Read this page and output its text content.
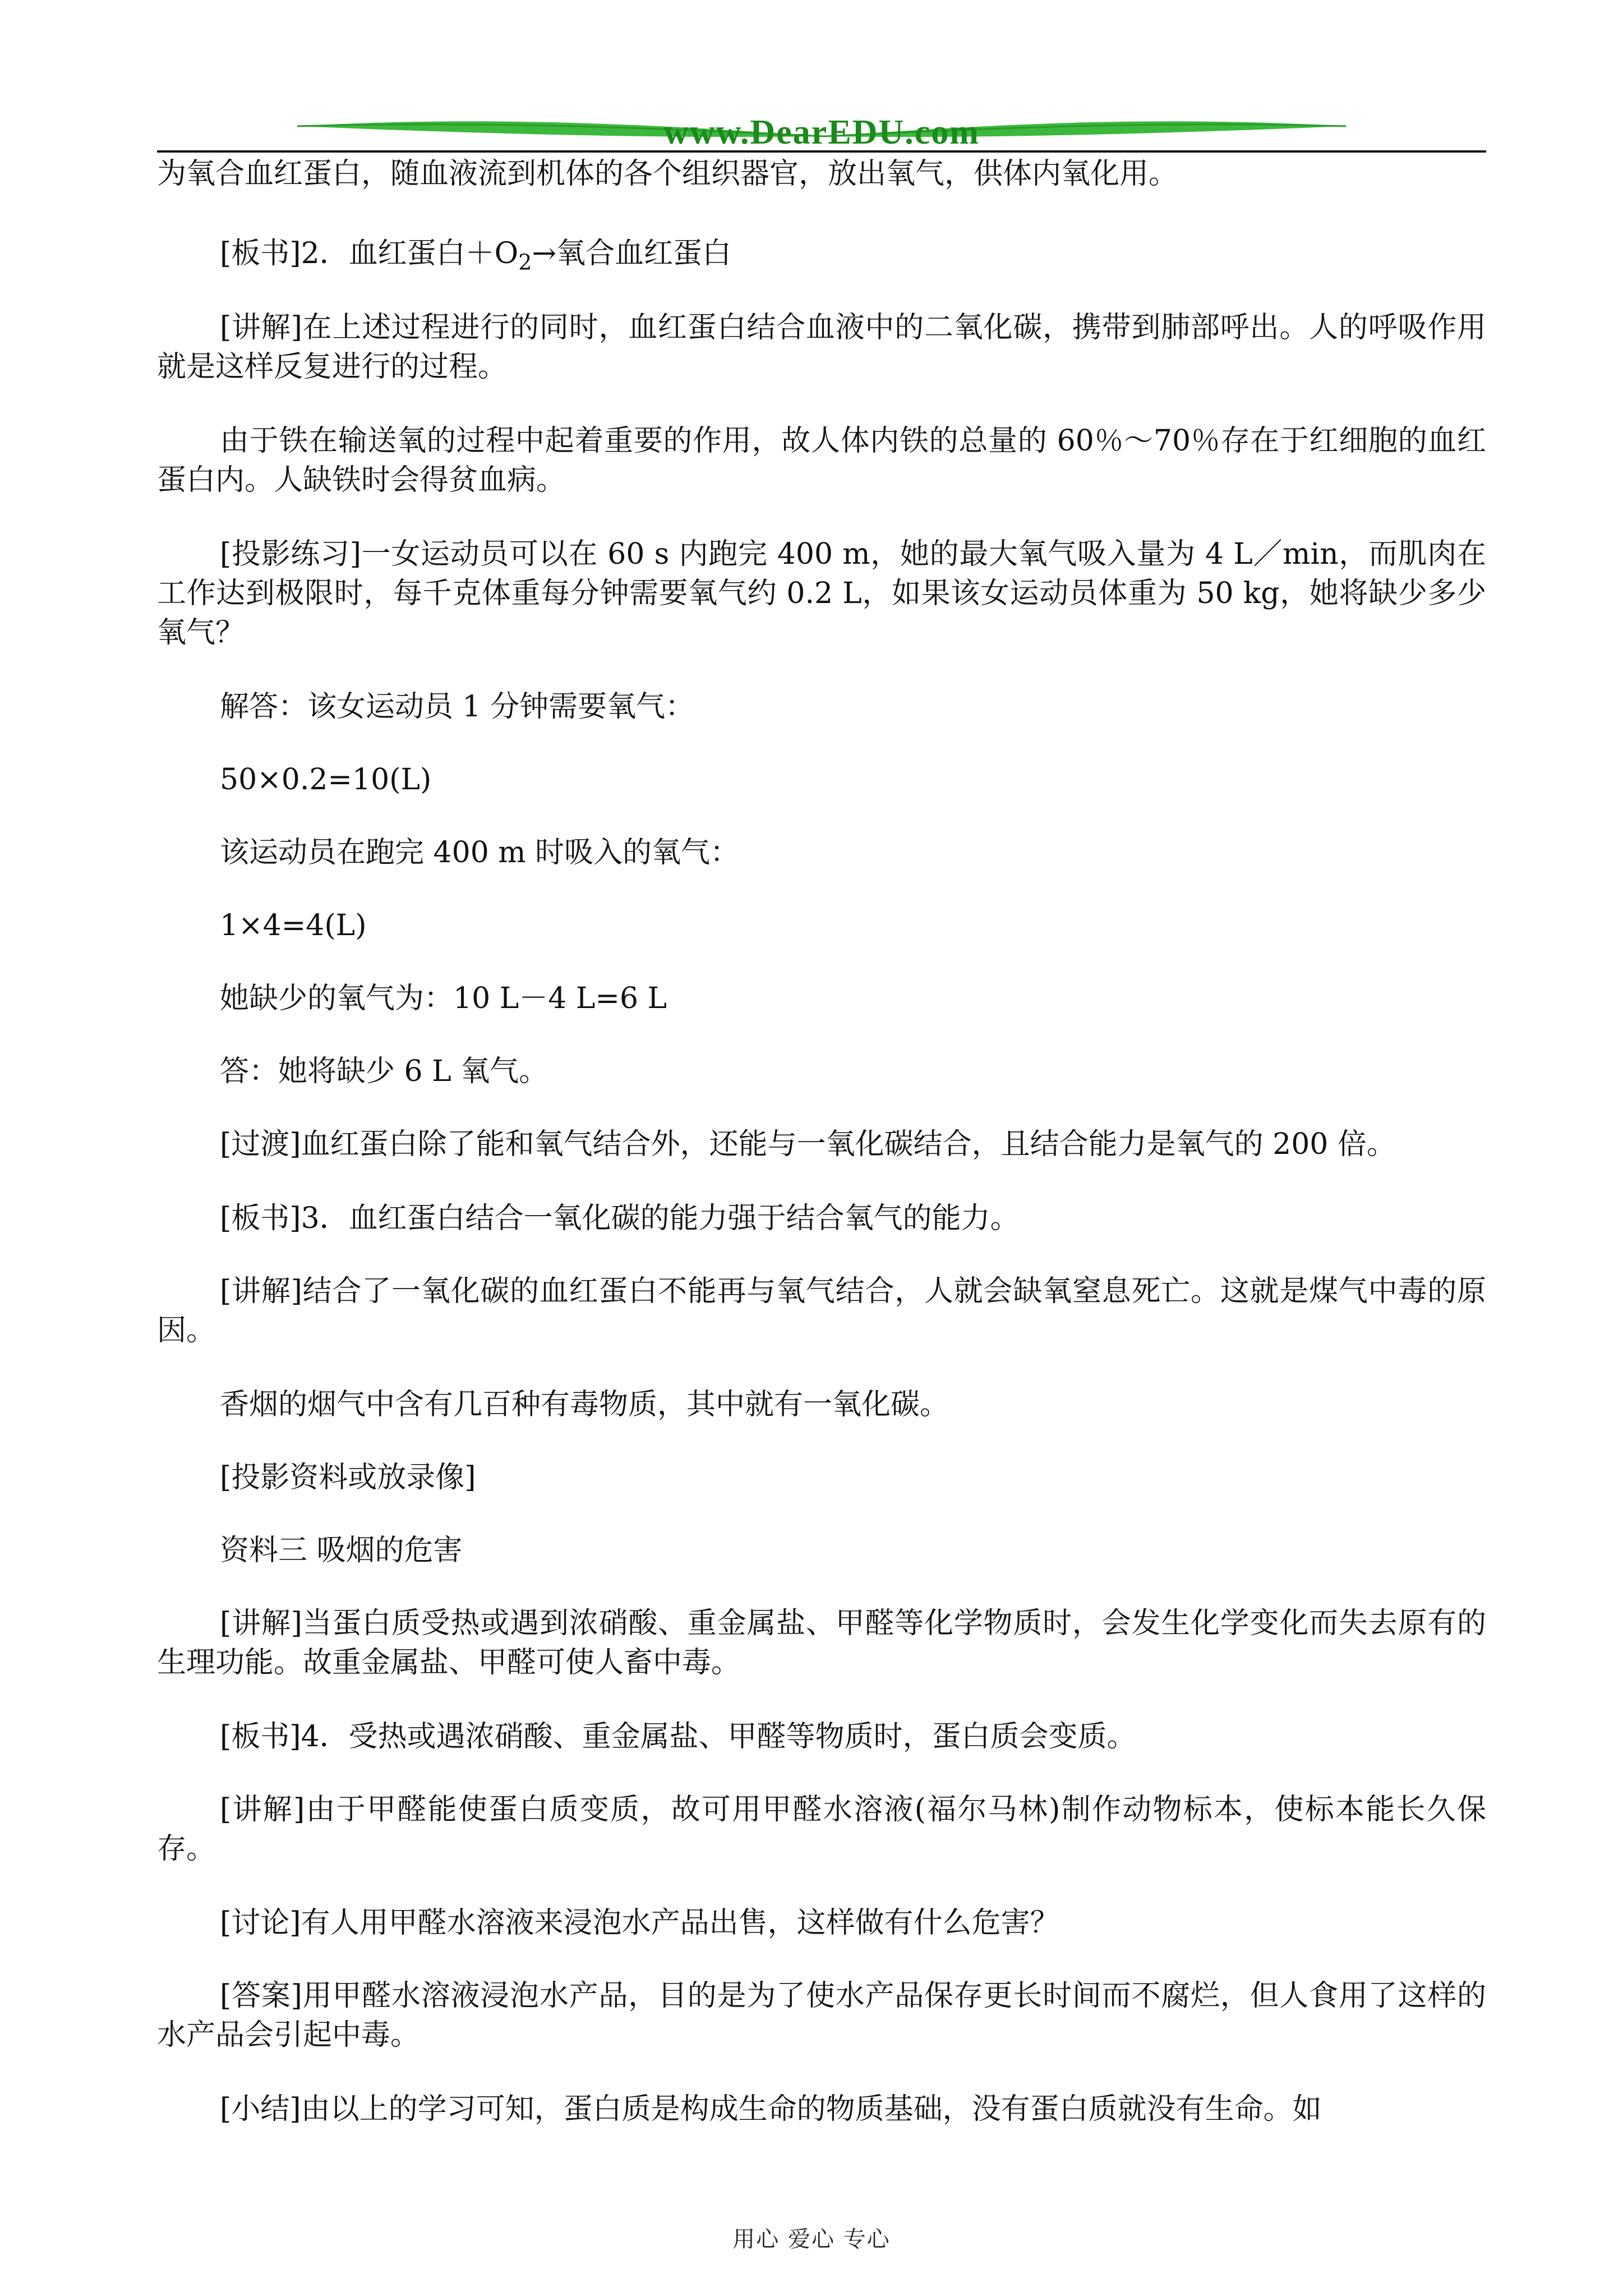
www.DearEDU.com

为氧合血红蛋白，随血液流到机体的各个组织器官，放出氧气，供体内氧化用。

[板书]2．血红蛋白$+O_2\to$氧合血红蛋白

[讲解]在上述过程进行的同时，血红蛋白结合血液中的二氧化碳，携带到肺部呼出。人的呼吸作用就是这样反复进行的过程。

由于铁在输送氧的过程中起着重要的作用，故人体内铁的总量的 60％～70％存在于红细胞的血红蛋白内。人缺铁时会得贫血病。

[投影练习]一女运动员可以在 60 s 内跑完 400 m，她的最大氧气吸入量为 4 L／min，而肌肉在工作达到极限时，每千克体重每分钟需要氧气约 0.2 L，如果该女运动员体重为 50 kg，她将缺少多少氧气？

解答：该女运动员 1 分钟需要氧气：

50×0.2=10(L)

该运动员在跑完 400 m 时吸入的氧气：

1×4=4(L)

她缺少的氧气为：10 L－4 L=6 L

答：她将缺少 6 L 氧气。

[过渡]血红蛋白除了能和氧气结合外，还能与一氧化碳结合，且结合能力是氧气的 200 倍。

[板书]3．血红蛋白结合一氧化碳的能力强于结合氧气的能力。

[讲解]结合了一氧化碳的血红蛋白不能再与氧气结合，人就会缺氧窒息死亡。这就是煤气中毒的原因。

香烟的烟气中含有几百种有毒物质，其中就有一氧化碳。

[投影资料或放录像]

资料三 吸烟的危害

[讲解]当蛋白质受热或遇到浓硝酸、重金属盐、甲醛等化学物质时，会发生化学变化而失去原有的生理功能。故重金属盐、甲醛可使人畜中毒。

[板书]4．受热或遇浓硝酸、重金属盐、甲醛等物质时，蛋白质会变质。

[讲解]由于甲醛能使蛋白质变质，故可用甲醛水溶液(福尔马林)制作动物标本，使标本能长久保存。

[讨论]有人用甲醛水溶液来浸泡水产品出售，这样做有什么危害？

[答案]用甲醛水溶液浸泡水产品，目的是为了使水产品保存更长时间而不腐烂，但人食用了这样的水产品会引起中毒。

[小结]由以上的学习可知，蛋白质是构成生命的物质基础，没有蛋白质就没有生命。如

用心 爱心 专心
